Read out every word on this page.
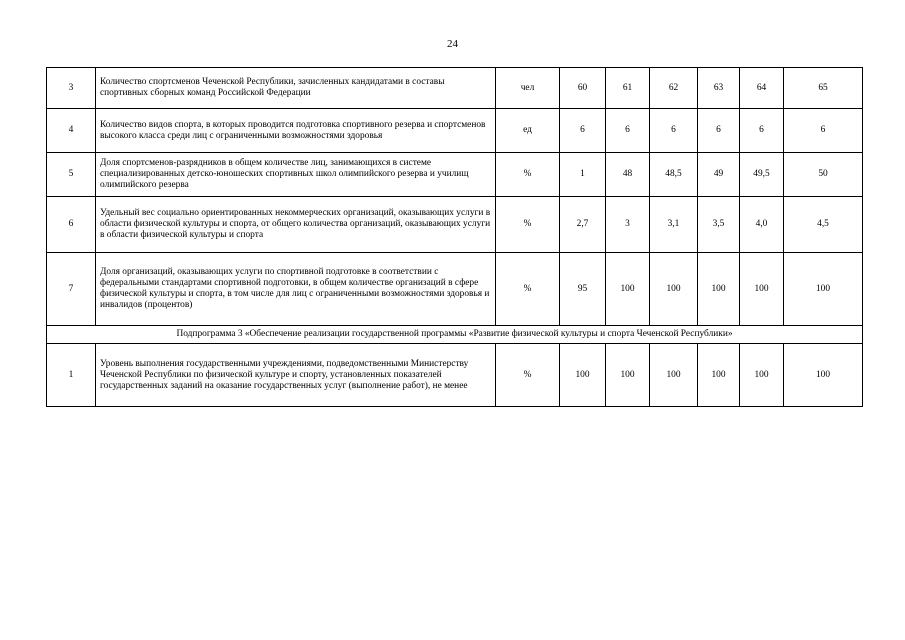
24
3	Количество спортсменов Чеченской Республики, зачисленных кандидатами в составы спортивных сборных команд Российской Федерации	чел	60	61	62	63	64	65
4	Количество видов спорта, в которых проводится подготовка спортивного резерва и спортсменов высокого класса среди лиц с ограниченными возможностями здоровья	ед	6	6	6	6	6	6
5	Доля спортсменов-разрядников в общем количестве лиц, занимающихся в системе специализированных детско-юношеских спортивных школ олимпийского резерва и училищ олимпийского резерва	%	1	48	48,5	49	49,5	50
6	Удельный вес социально ориентированных некоммерческих организаций, оказывающих услуги в области физической культуры и спорта, от общего количества организаций, оказывающих услуги в области физической культуры и спорта	%	2,7	3	3,1	3,5	4,0	4,5
7	Доля организаций, оказывающих услуги по спортивной подготовке в соответствии с федеральными стандартами спортивной подготовки, в общем количестве организаций в сфере физической культуры и спорта, в том числе для лиц с ограниченными возможностями здоровья и инвалидов (процентов)	%	95	100	100	100	100	100
Подпрограмма 3 «Обеспечение реализации государственной программы «Развитие физической культуры и спорта Чеченской Республики»								
1	Уровень выполнения государственными учреждениями, подведомственными Министерству Чеченской Республики по физической культуре и спорту, установленных показателей государственных заданий на оказание государственных услуг (выполнение работ), не менее	%	100	100	100	100	100	100
